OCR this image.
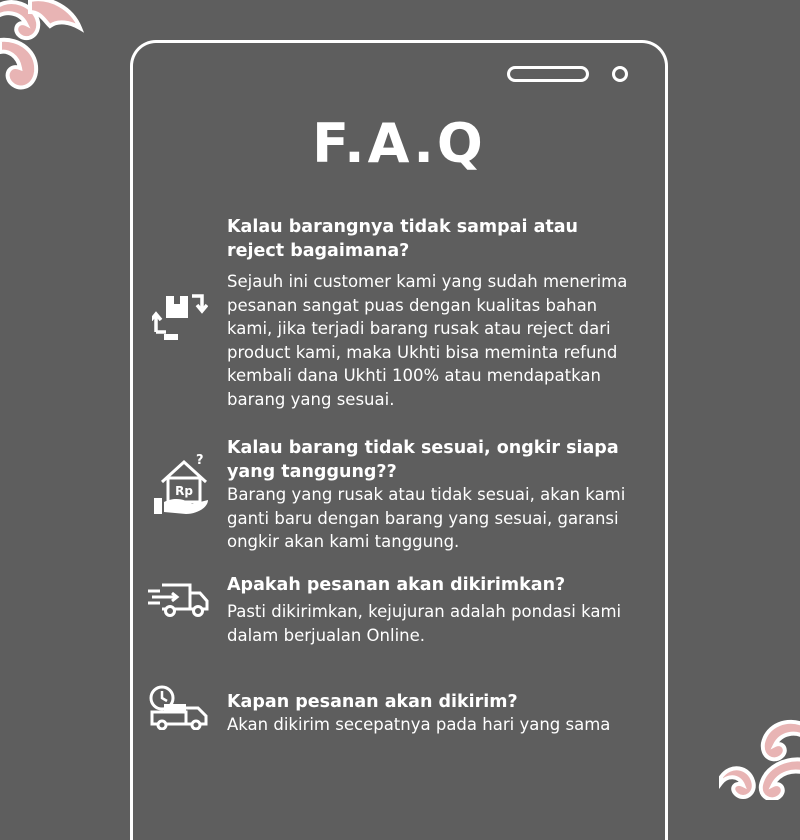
F.A.Q

Kalau barangnya tidak sampai atau reject bagaimana?

Sejauh ini customer kami yang sudah menerima pesanan sangat puas dengan kualitas bahan kami, jika terjadi barang rusak atau reject dari product kami, maka Ukhti bisa meminta refund kembali dana Ukhti 100% atau mendapatkan barang yang sesuai.

Rp
?

Kalau barang tidak sesuai, ongkir siapa yang tanggung??

Barang yang rusak atau tidak sesuai, akan kami ganti baru dengan barang yang sesuai, garansi ongkir akan kami tanggung.

Apakah pesanan akan dikirimkan?

Pasti dikirimkan, kejujuran adalah pondasi kami dalam berjualan Online.

Kapan pesanan akan dikirim?

Akan dikirim secepatnya pada hari yang sama
